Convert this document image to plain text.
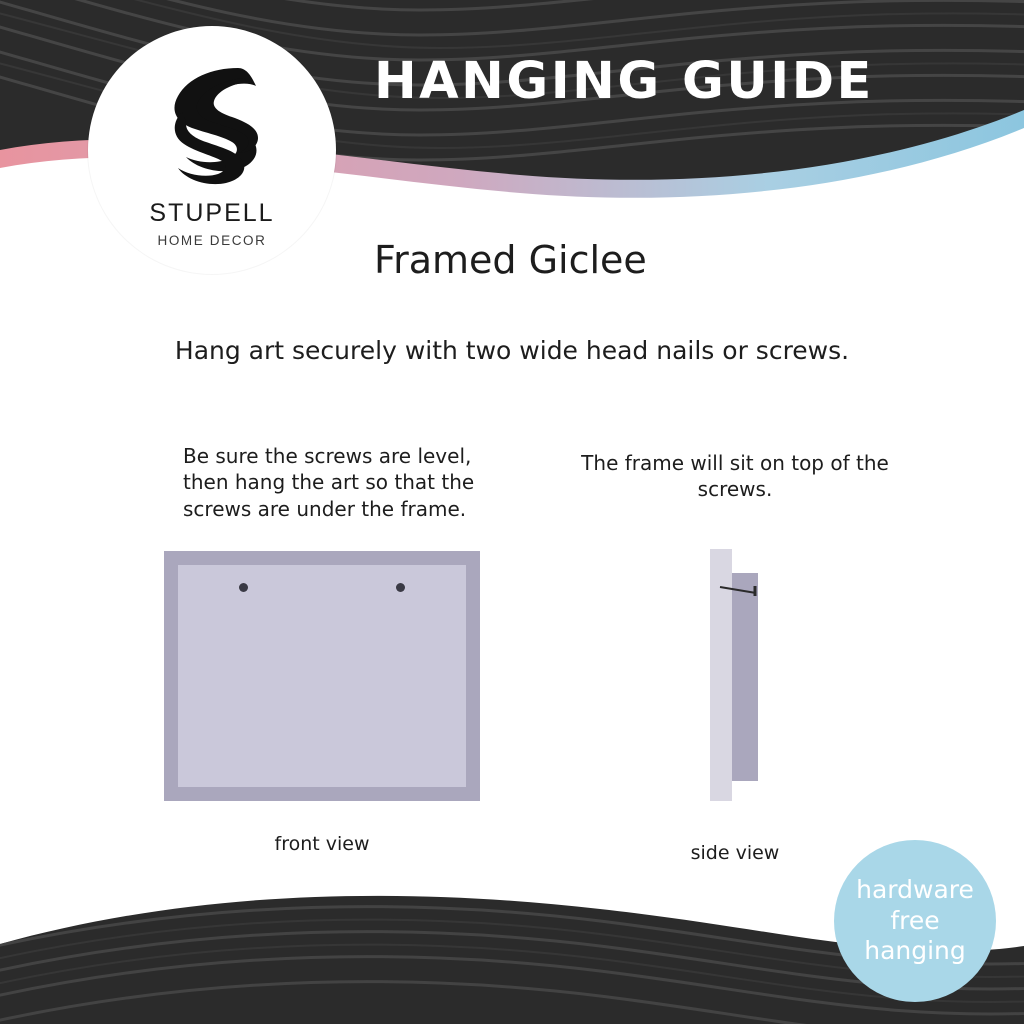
STUPELL
HOME DECOR
HANGING GUIDE
Framed Giclee
Hang art securely with two wide head nails or screws.
Be sure the screws are level, then hang the art so that the screws are under the frame.
front view
The frame will sit on top of the screws.
side view
hardware
free
hanging
